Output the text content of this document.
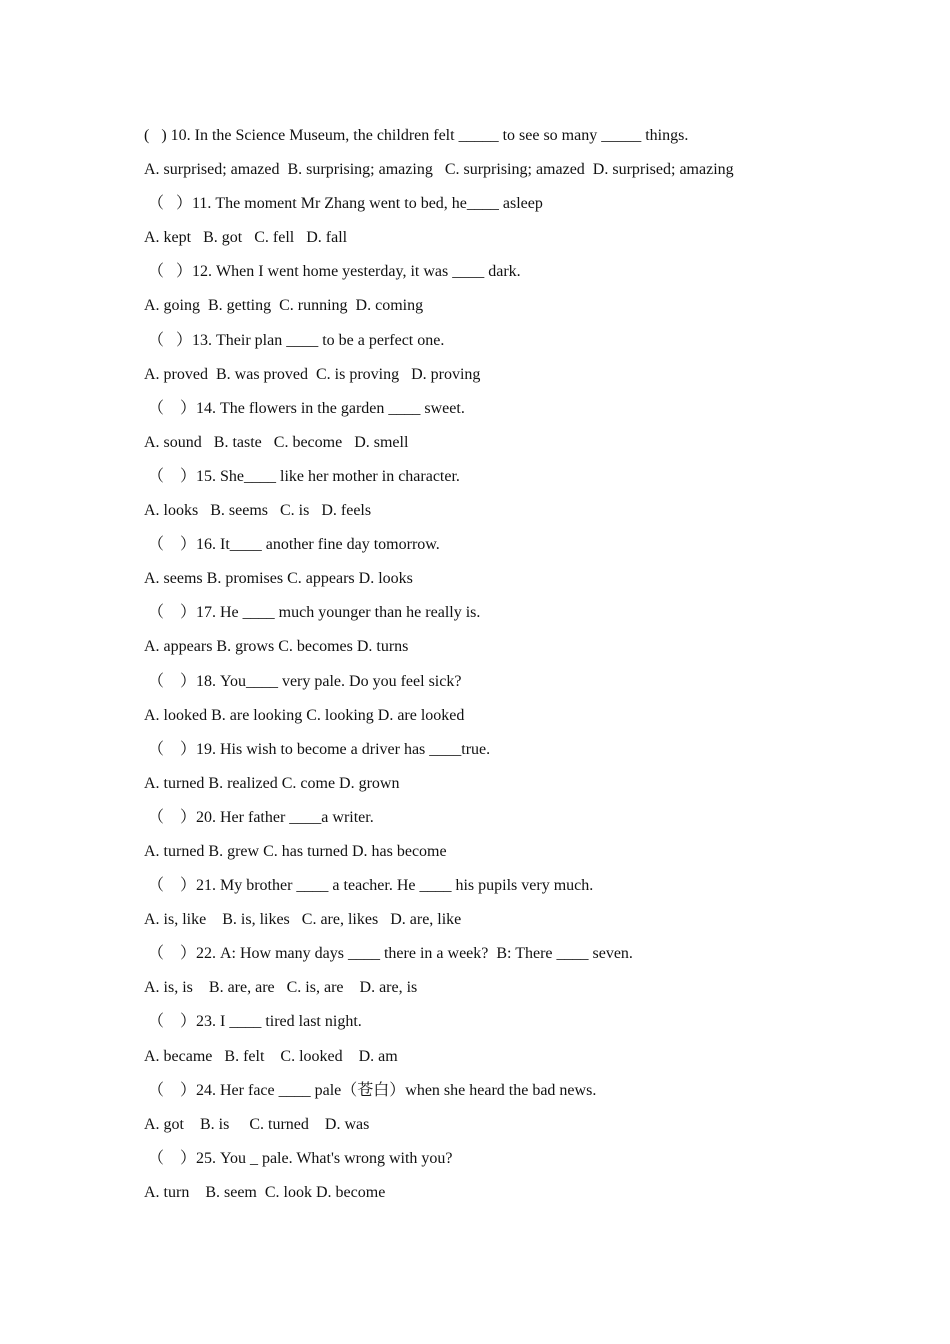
(   ) 10. In the Science Museum, the children felt _____ to see so many _____ things.
A. surprised; amazed  B. surprising; amazing   C. surprising; amazed  D. surprised; amazing
（   ）11. The moment Mr Zhang went to bed, he____ asleep
A. kept   B. got   C. fell   D. fall
（   ）12. When I went home yesterday, it was ____ dark.
A. going  B. getting  C. running  D. coming
（   ）13. Their plan ____ to be a perfect one.
A. proved  B. was proved  C. is proving   D. proving
（    ）14. The flowers in the garden ____ sweet.
A. sound   B. taste   C. become   D. smell
（    ）15. She____ like her mother in character.
A. looks   B. seems   C. is   D. feels
（    ）16. It____ another fine day tomorrow.
A. seems B. promises C. appears D. looks
（    ）17. He ____ much younger than he really is.
A. appears B. grows C. becomes D. turns
（    ）18. You____ very pale. Do you feel sick?
A. looked B. are looking C. looking D. are looked
（    ）19. His wish to become a driver has ____true.
A. turned B. realized C. come D. grown
（    ）20. Her father ____a writer.
A. turned B. grew C. has turned D. has become
（    ）21. My brother ____ a teacher. He ____ his pupils very much.
A. is, like    B. is, likes   C. are, likes   D. are, like
（    ）22. A: How many days ____ there in a week?  B: There ____ seven.
A. is, is    B. are, are   C. is, are    D. are, is
（    ）23. I ____ tired last night.
A. became   B. felt    C. looked    D. am
（    ）24. Her face ____ pale（苍白）when she heard the bad news.
A. got    B. is     C. turned    D. was
（    ）25. You _ pale. What's wrong with you?
A. turn    B. seem  C. look D. become
